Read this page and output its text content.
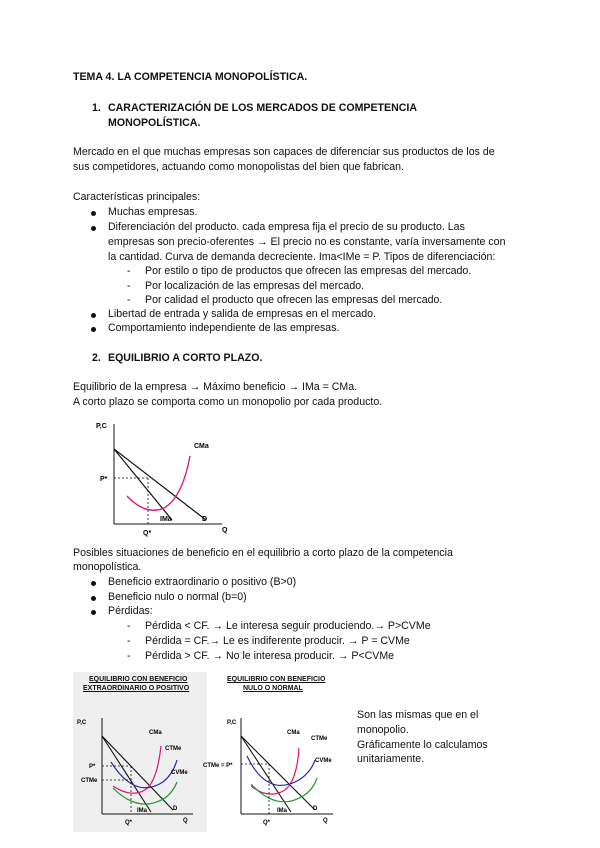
TEMA 4. LA COMPETENCIA MONOPOLÍSTICA.
1. CARACTERIZACIÓN DE LOS MERCADOS DE COMPETENCIA
MONOPOLÍSTICA.
Mercado en el que muchas empresas son capaces de diferenciar sus productos de los de
sus competidores, actuando como monopolistas del bien que fabrican.
Características principales:
Muchas empresas.
Diferenciación del producto. cada empresa fija el precio de su producto. Las
empresas son precio-oferentes → El precio no es constante, varía inversamente con
la cantidad. Curva de demanda decreciente. Ima<IMe = P. Tipos de diferenciación:
- Por estilo o tipo de productos que ofrecen las empresas del mercado.
- Por localización de las empresas del mercado.
- Por calidad el producto que ofrecen las empresas del mercado.
Libertad de entrada y salida de empresas en el mercado.
Comportamiento independiente de las empresas.
2. EQUILIBRIO A CORTO PLAZO.
Equilibrio de la empresa → Máximo beneficio → IMa = CMa.
A corto plazo se comporta como un monopolio por cada producto.
P,C
Q
P*
Q*
CMa
IMa	D
Posibles situaciones de beneficio en el equilibrio a corto plazo de la competencia
monopolística.
Beneficio extraordinario o positivo (B>0)
Beneficio nulo o normal (b=0)
Pérdidas:
- Pérdida < CF. → Le interesa seguir produciendo.→ P>CVMe
- Pérdida = CF.→ Le es indiferente producir. → P = CVMe
- Pérdida > CF. → No le interesa producir. → P<CVMe
EQUILIBRIO CON BENEFICIO
EXTRAORDINARIO O POSITIVO
P,C
Q
P*
CTMe
Q*
CMa
CTMe
CVMe
IMa	D
EQUILIBRIO CON BENEFICIO
NULO O NORMAL
P,C
Q
CTMe = P*
Q*
CMa
CTMe
CVMe
IMa	D
Son las mismas que en el
monopolio.
Gráficamente lo calculamos
unitariamente.
